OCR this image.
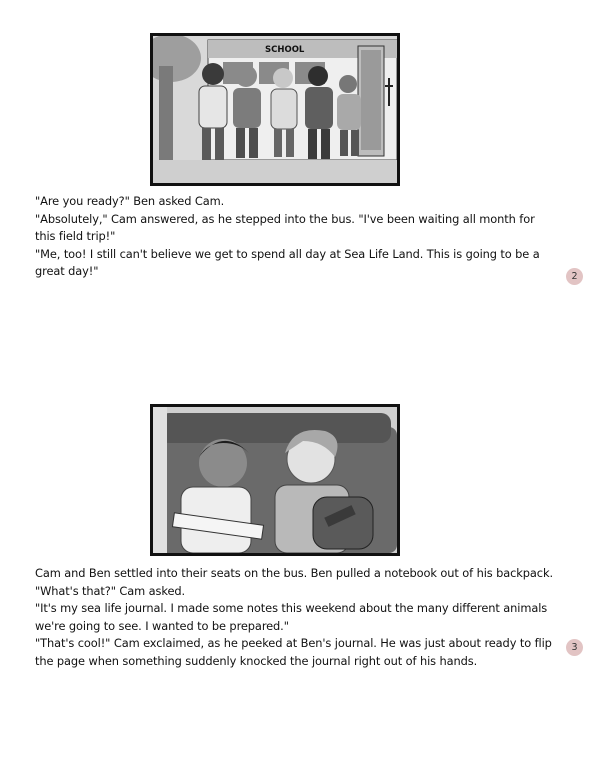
SCHOOL

"Are you ready?" Ben asked Cam.

"Absolutely," Cam answered, as he stepped into the bus. "I've been waiting all month for this field trip!"

"Me, too! I still can't believe we get to spend all day at Sea Life Land. This is going to be a great day!"	2

Cam and Ben settled into their seats on the bus. Ben pulled a notebook out of his backpack.

"What's that?" Cam asked.

"It's my sea life journal. I made some notes this weekend about the many different animals we're going to see. I wanted to be prepared."

"That's cool!" Cam exclaimed, as he peeked at Ben's journal. He was just about ready to flip the page when something suddenly knocked the journal right out of his hands.

3
